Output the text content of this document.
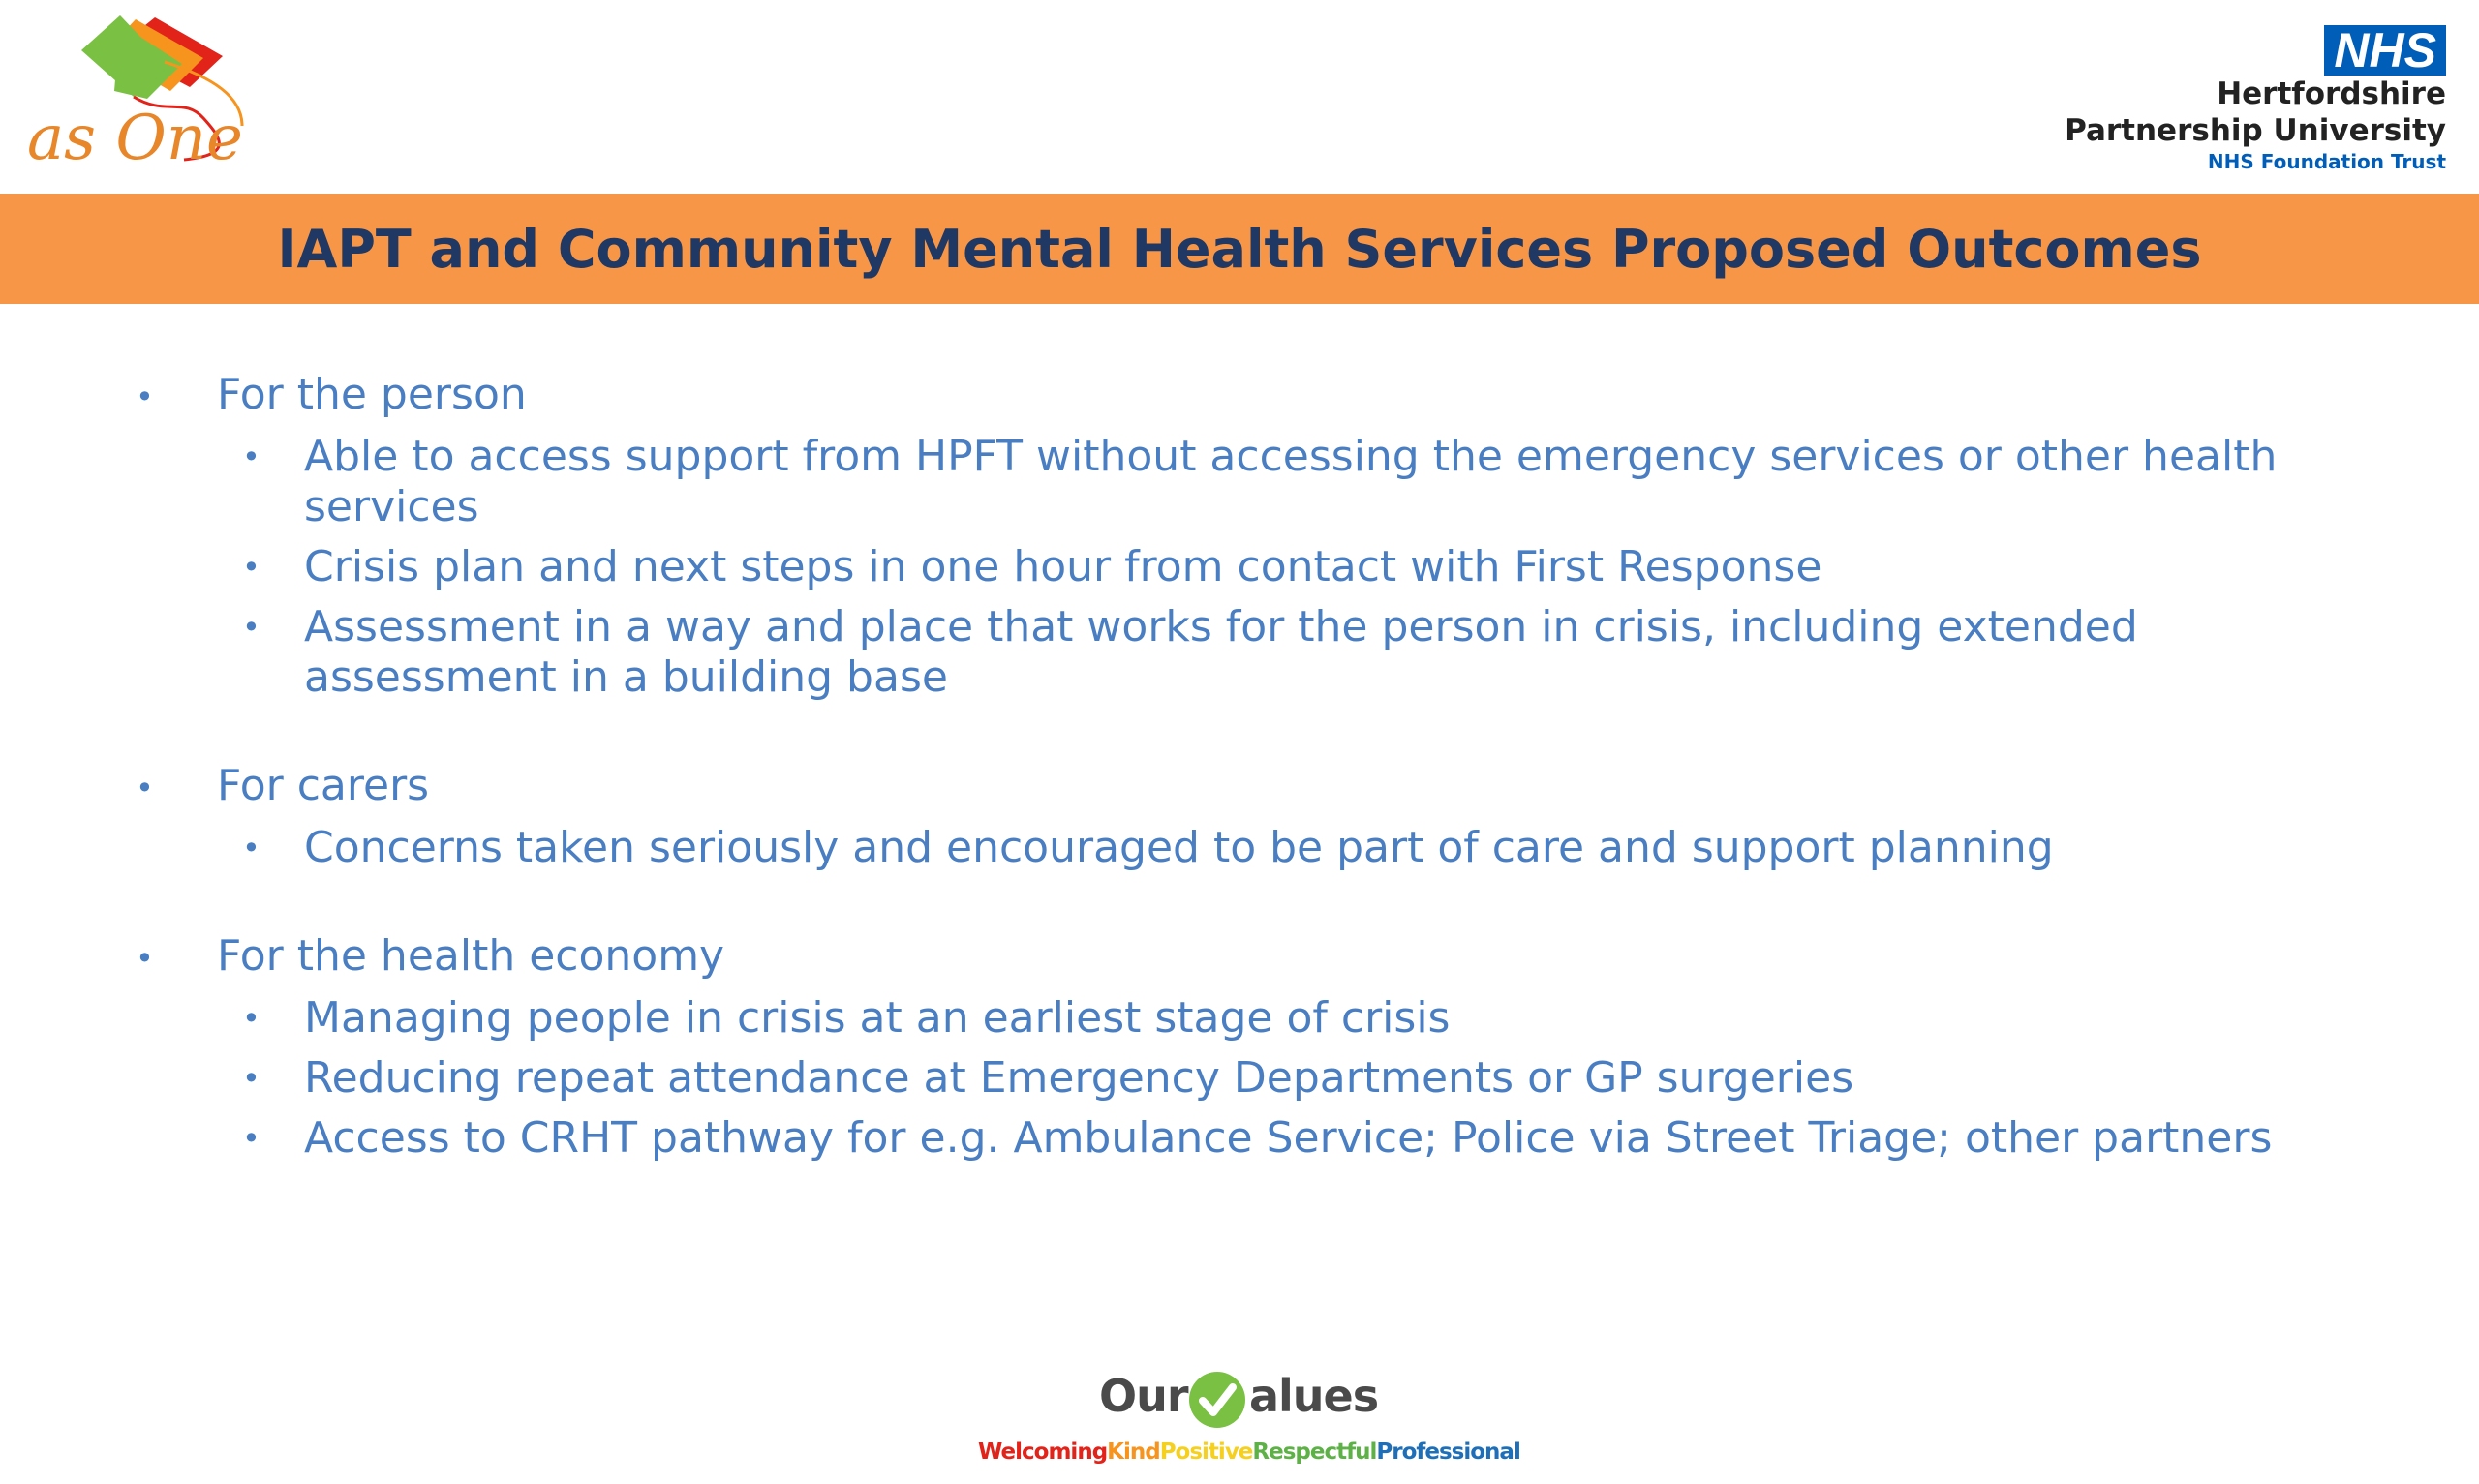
as One
NHS
Hertfordshire
Partnership University
NHS Foundation Trust
IAPT and Community Mental Health Services Proposed Outcomes
• For the person
• Able to access support from HPFT without accessing the emergency services or other health services
• Crisis plan and next steps in one hour from contact with First Response
• Assessment in a way and place that works for the person in crisis, including extended assessment in a building base
• For carers
• Concerns taken seriously and encouraged to be part of care and support planning
• For the health economy
• Managing people in crisis at an earliest stage of crisis
• Reducing repeat attendance at Emergency Departments or GP surgeries
• Access to CRHT pathway for e.g. Ambulance Service; Police via Street Triage; other partners
Our alues
WelcomingKindPositiveRespectfulProfessional
